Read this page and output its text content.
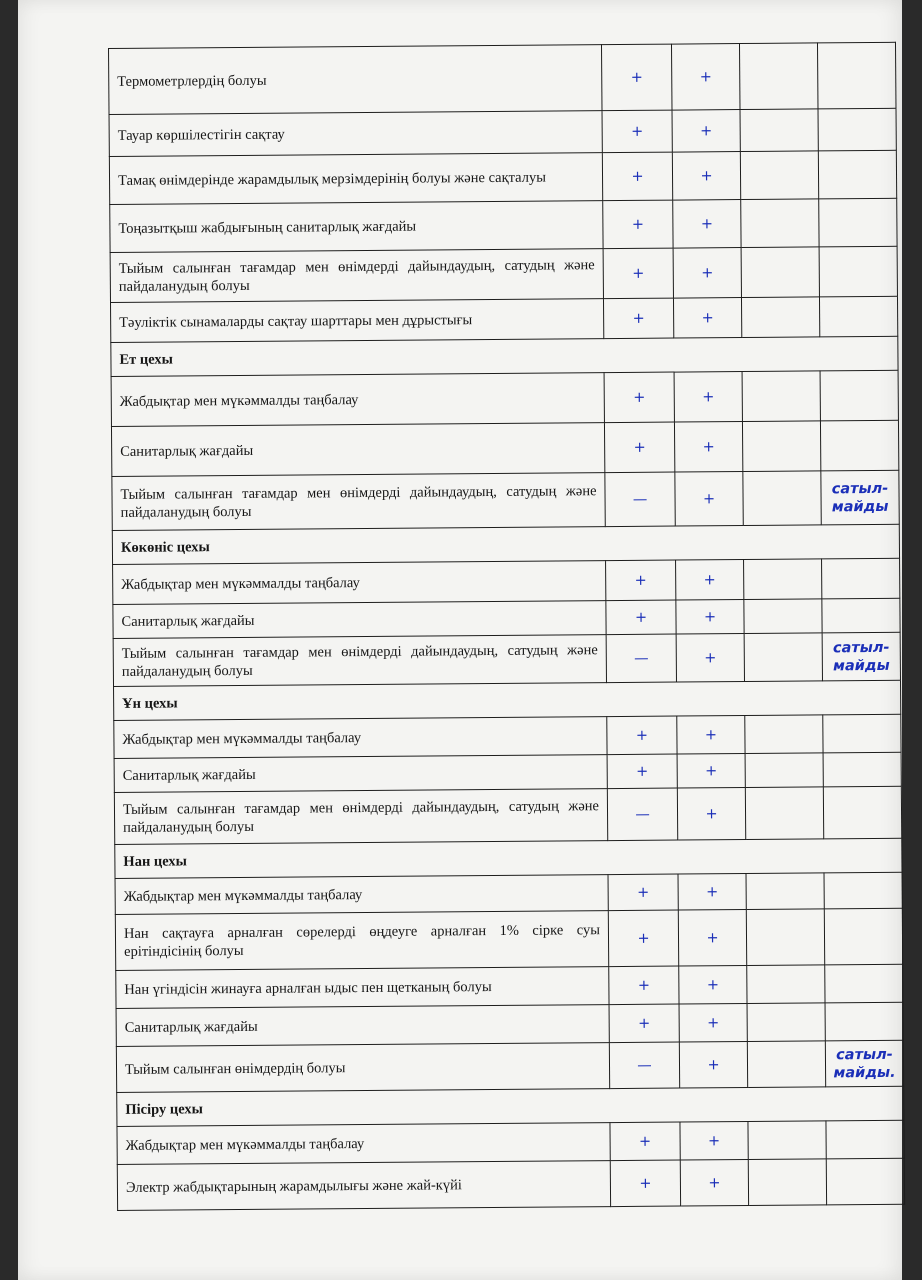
Термометрлердің болуы	+	+		
Тауар көршілестігін сақтау	+	+		
Тамақ өнімдерінде жарамдылық мерзімдерінің болуы және сақталуы	+	+		
Тоңазытқыш жабдығының санитарлық жағдайы	+	+		
Тыйым салынған тағамдар мен өнімдерді дайындаудың, сатудың және пайдаланудың болуы	+	+		
Тәуліктік сынамаларды сақтау шарттары мен дұрыстығы	+	+		
Ет цехы				
Жабдықтар мен мүкәммалды таңбалау	+	+		
Санитарлық жағдайы	+	+		
Тыйым салынған тағамдар мен өнімдерді дайындаудың, сатудың және пайдаланудың болуы	—	+		сатыл-
майды
Көкөніс цехы				
Жабдықтар мен мүкәммалды таңбалау	+	+		
Санитарлық жағдайы	+	+		
Тыйым салынған тағамдар мен өнімдерді дайындаудың, сатудың және пайдаланудың болуы	—	+		сатыл-
майды
Ұн цехы				
Жабдықтар мен мүкәммалды таңбалау	+	+		
Санитарлық жағдайы	+	+		
Тыйым салынған тағамдар мен өнімдерді дайындаудың, сатудың және пайдаланудың болуы	—	+		
Нан цехы				
Жабдықтар мен мүкәммалды таңбалау	+	+		
Нан сақтауға арналған сөрелерді өңдеуге арналған 1% сірке суы ерітіндісінің болуы	+	+		
Нан үгіндісін жинауға арналған ыдыс пен щетканың болуы	+	+		
Санитарлық жағдайы	+	+		
Тыйым салынған өнімдердің болуы	—	+		сатыл-
майды.
Пісіру цехы				
Жабдықтар мен мүкәммалды таңбалау	+	+		
Электр жабдықтарының жарамдылығы және жай-күйі	+	+		
